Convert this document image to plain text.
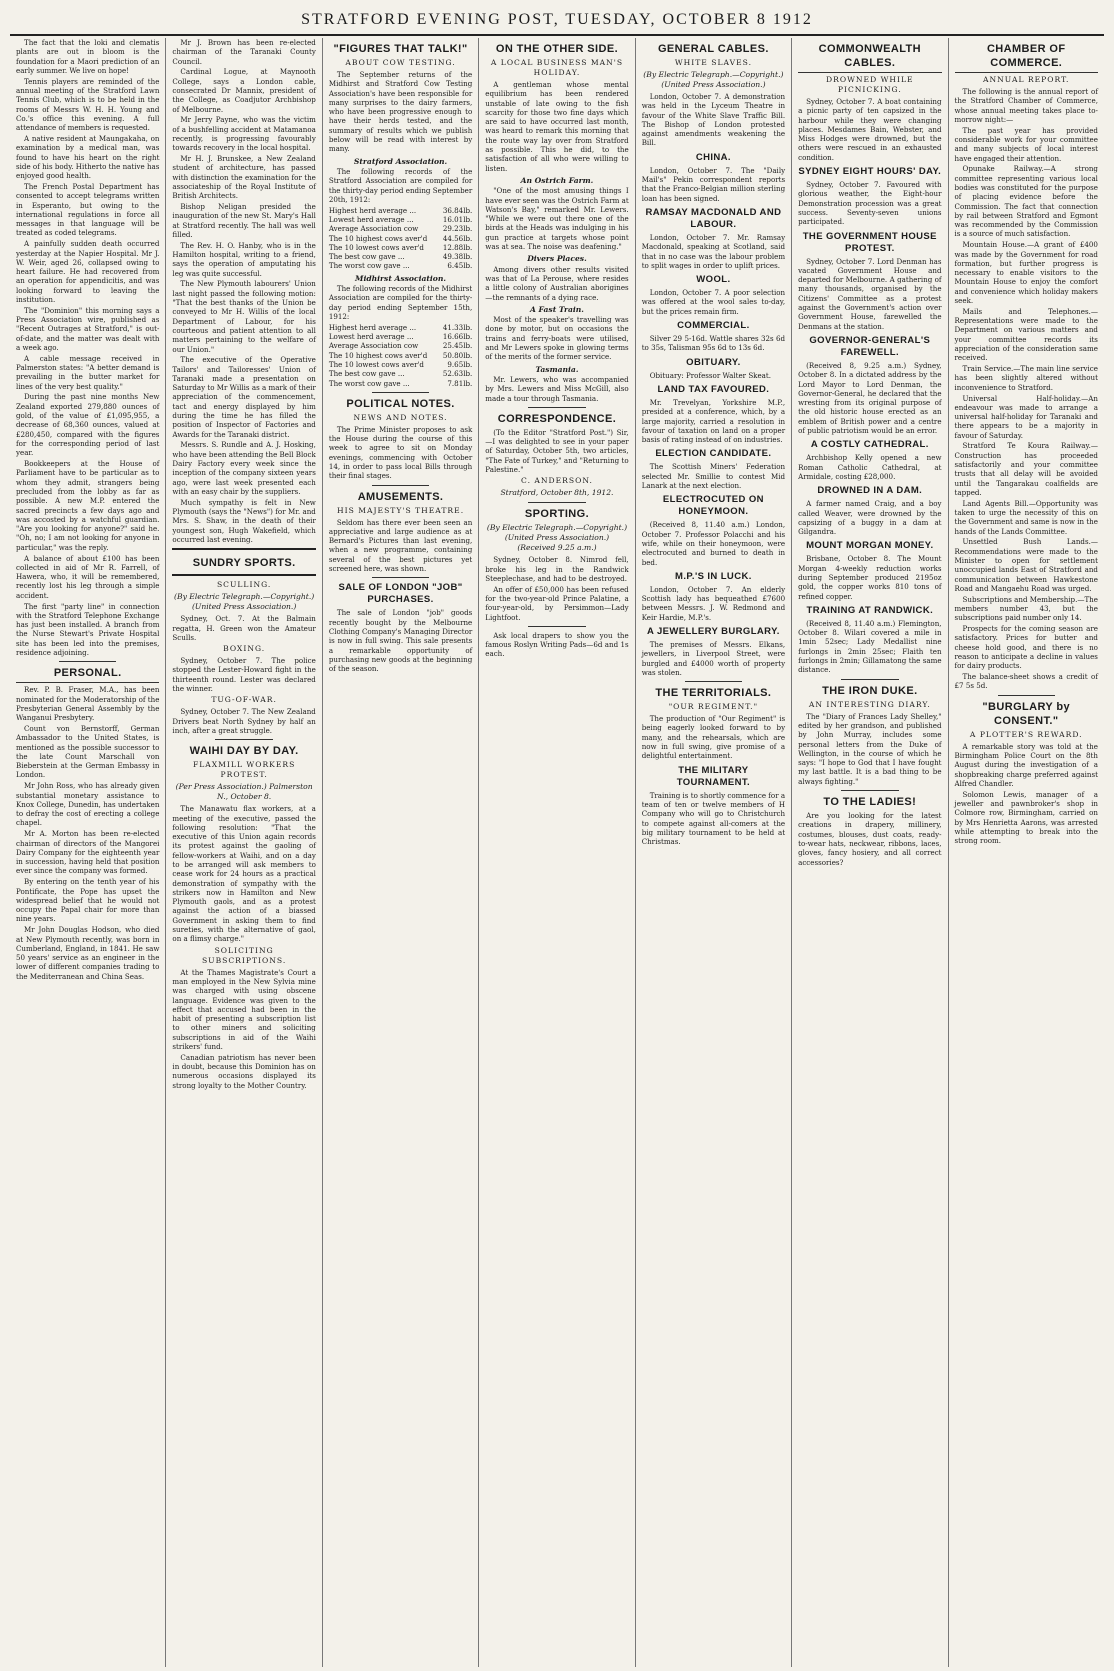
STRATFORD EVENING POST, TUESDAY, OCTOBER 8 1912

The fact that the loki and clematis plants are out in bloom is the foundation for a Maori prediction of an early summer. We live on hope!

Tennis players are reminded of the annual meeting of the Stratford Lawn Tennis Club, which is to be held in the rooms of Messrs W. H. H. Young and Co.'s office this evening. A full attendance of members is requested.

A native resident at Maungakaha, on examination by a medical man, was found to have his heart on the right side of his body. Hitherto the native has enjoyed good health.

The French Postal Department has consented to accept telegrams written in Esperanto, but owing to the international regulations in force all messages in that language will be treated as coded telegrams.

A painfully sudden death occurred yesterday at the Napier Hospital. Mr J. W. Weir, aged 26, collapsed owing to heart failure. He had recovered from an operation for appendicitis, and was looking forward to leaving the institution.

The "Dominion" this morning says a Press Association wire, published as "Recent Outrages at Stratford," is out-of-date, and the matter was dealt with a week ago.

A cable message received in Palmerston states: "A better demand is prevailing in the butter market for lines of the very best quality."

During the past nine months New Zealand exported 279,880 ounces of gold, of the value of £1,095,955, a decrease of 68,360 ounces, valued at £280,450, compared with the figures for the corresponding period of last year.

Bookkeepers at the House of Parliament have to be particular as to whom they admit, strangers being precluded from the lobby as far as possible. A new M.P. entered the sacred precincts a few days ago and was accosted by a watchful guardian. "Are you looking for anyone?" said he. "Oh, no; I am not looking for anyone in particular," was the reply.

A balance of about £100 has been collected in aid of Mr R. Farrell, of Hawera, who, it will be remembered, recently lost his leg through a simple accident.

The first "party line" in connection with the Stratford Telephone Exchange has just been installed. A branch from the Nurse Stewart's Private Hospital site has been led into the premises, residence adjoining.

PERSONAL.

Rev. P. B. Fraser, M.A., has been nominated for the Moderatorship of the Presbyterian General Assembly by the Wanganui Presbytery.

Count von Bernstorff, German Ambassador to the United States, is mentioned as the possible successor to the late Count Marschall von Bieberstein at the German Embassy in London.

Mr John Ross, who has already given substantial monetary assistance to Knox College, Dunedin, has undertaken to defray the cost of erecting a college chapel.

Mr A. Morton has been re-elected chairman of directors of the Mangorei Dairy Company for the eighteenth year in succession, having held that position ever since the company was formed.

By entering on the tenth year of his Pontificate, the Pope has upset the widespread belief that he would not occupy the Papal chair for more than nine years.

Mr John Douglas Hodson, who died at New Plymouth recently, was born in Cumberland, England, in 1841. He saw 50 years' service as an engineer in the lower of different companies trading to the Mediterranean and China Seas.

Mr J. Brown has been re-elected chairman of the Taranaki County Council.

Cardinal Logue, at Maynooth College, says a London cable, consecrated Dr Mannix, president of the College, as Coadjutor Archbishop of Melbourne.

Mr Jerry Payne, who was the victim of a bushfelling accident at Matamanoa recently, is progressing favourably towards recovery in the local hospital.

Mr H. J. Brunskee, a New Zealand student of architecture, has passed with distinction the examination for the associateship of the Royal Institute of British Architects.

Bishop Neligan presided the inauguration of the new St. Mary's Hall at Stratford recently. The hall was well filled.

The Rev. H. O. Hanby, who is in the Hamilton hospital, writing to a friend, says the operation of amputating his leg was quite successful.

The New Plymouth labourers' Union last night passed the following motion: "That the best thanks of the Union be conveyed to Mr H. Willis of the local Department of Labour, for his courteous and patient attention to all matters pertaining to the welfare of our Union."

The executive of the Operative Tailors' and Tailoresses' Union of Taranaki made a presentation on Saturday to Mr Willis as a mark of their appreciation of the commencement, tact and energy displayed by him during the time he has filled the position of Inspector of Factories and Awards for the Taranaki district.

Messrs. S. Rundle and A. J. Hosking, who have been attending the Bell Block Dairy Factory every week since the inception of the company sixteen years ago, were last week presented each with an easy chair by the suppliers.

Much sympathy is felt in New Plymouth (says the "News") for Mr. and Mrs. S. Shaw, in the death of their youngest son, Hugh Wakefield, which occurred last evening.

SUNDRY SPORTS.
SCULLING.
(By Electric Telegraph.—Copyright.) (United Press Association.)

Sydney, Oct. 7. At the Balmain regatta, H. Green won the Amateur Sculls.

BOXING.

Sydney, October 7. The police stopped the Lester-Howard fight in the thirteenth round. Lester was declared the winner.

TUG-OF-WAR.

Sydney, October 7. The New Zealand Drivers beat North Sydney by half an inch, after a great struggle.

WAIHI DAY BY DAY.
FLAXMILL WORKERS PROTEST.
(Per Press Association.) Palmerston N., October 8.

The Manawatu flax workers, at a meeting of the executive, passed the following resolution: "That the executive of this Union again records its protest against the gaoling of fellow-workers at Waihi, and on a day to be arranged will ask members to cease work for 24 hours as a practical demonstration of sympathy with the strikers now in Hamilton and New Plymouth gaols, and as a protest against the action of a biassed Government in asking them to find sureties, with the alternative of gaol, on a flimsy charge."

SOLICITING SUBSCRIPTIONS.

At the Thames Magistrate's Court a man employed in the New Sylvia mine was charged with using obscene language. Evidence was given to the effect that accused had been in the habit of presenting a subscription list to other miners and soliciting subscriptions in aid of the Waihi strikers' fund.

Canadian patriotism has never been in doubt, because this Dominion has on numerous occasions displayed its strong loyalty to the Mother Country.

"FIGURES THAT TALK!"
ABOUT COW TESTING.

The September returns of the Midhirst and Stratford Cow Testing Association's have been responsible for many surprises to the dairy farmers, who have been progressive enough to have their herds tested, and the summary of results which we publish below will be read with interest by many.

Stratford Association.

The following records of the Stratford Association are compiled for the thirty-day period ending September 20th, 1912:

Highest herd average ...	36.84lb.
Lowest herd average ...	16.01lb.
Average Association cow	29.23lb.
The 10 highest cows aver'd 44.56lb.
The 10 lowest cows aver'd	12.88lb.
The best cow gave ...	49.38lb.
The worst cow gave ...	6.45lb.
Midhirst Association.

The following records of the Midhirst Association are compiled for the thirty-day period ending September 15th, 1912:

Highest herd average ...	41.33lb.
Lowest herd average ...	16.66lb.
Average Association cow	25.45lb.
The 10 highest cows aver'd 50.80lb.
The 10 lowest cows aver'd	9.65lb.
The best cow gave ...	52.63lb.
The worst cow gave ...	7.81lb.
POLITICAL NOTES.
NEWS AND NOTES.

The Prime Minister proposes to ask the House during the course of this week to agree to sit on Monday evenings, commencing with October 14, in order to pass local Bills through their final stages.

AMUSEMENTS.
HIS MAJESTY'S THEATRE.

Seldom has there ever been seen an appreciative and large audience as at Bernard's Pictures than last evening, when a new programme, containing several of the best pictures yet screened here, was shown.

SALE OF LONDON "JOB" PURCHASES.

The sale of London "job" goods recently bought by the Melbourne Clothing Company's Managing Director is now in full swing. This sale presents a remarkable opportunity of purchasing new goods at the beginning of the season.

ON THE OTHER SIDE.
A LOCAL BUSINESS MAN'S HOLIDAY.

A gentleman whose mental equilibrium has been rendered unstable of late owing to the fish scarcity for those two fine days which are said to have occurred last month, was heard to remark this morning that the route way lay over from Stratford as possible. This he did, to the satisfaction of all who were willing to listen.

An Ostrich Farm.

"One of the most amusing things I have ever seen was the Ostrich Farm at Watson's Bay," remarked Mr. Lewers. "While we were out there one of the birds at the Heads was indulging in his gun practice at targets whose point was at sea. The noise was deafening."

Divers Places.

Among divers other results visited was that of La Perouse, where resides a little colony of Australian aborigines—the remnants of a dying race.

A Fast Train.

Most of the speaker's travelling was done by motor, but on occasions the trains and ferry-boats were utilised, and Mr Lewers spoke in glowing terms of the merits of the former service.

Tasmania.

Mr. Lewers, who was accompanied by Mrs. Lewers and Miss McGill, also made a tour through Tasmania.

CORRESPONDENCE.

(To the Editor "Stratford Post.") Sir,—I was delighted to see in your paper of Saturday, October 5th, two articles, "The Fate of Turkey," and "Returning to Palestine."

C. ANDERSON.
Stratford, October 8th, 1912.
SPORTING.
(By Electric Telegraph.—Copyright.) (United Press Association.) (Received 9.25 a.m.)

Sydney, October 8. Nimrod fell, broke his leg in the Randwick Steeplechase, and had to be destroyed.

An offer of £50,000 has been refused for the two-year-old Prince Palatine, a four-year-old, by Persimmon—Lady Lightfoot.

Ask local drapers to show you the famous Roslyn Writing Pads—6d and 1s each.

GENERAL CABLES.
WHITE SLAVES.
(By Electric Telegraph.—Copyright.) (United Press Association.)

London, October 7. A demonstration was held in the Lyceum Theatre in favour of the White Slave Traffic Bill. The Bishop of London protested against amendments weakening the Bill.

CHINA.

London, October 7. The "Daily Mail's" Pekin correspondent reports that the Franco-Belgian million sterling loan has been signed.

RAMSAY MACDONALD AND LABOUR.

London, October 7. Mr. Ramsay Macdonald, speaking at Scotland, said that in no case was the labour problem to split wages in order to uplift prices.

WOOL.

London, October 7. A poor selection was offered at the wool sales to-day, but the prices remain firm.

COMMERCIAL.

Silver 29 5-16d. Wattle shares 32s 6d to 35s, Talisman 95s 6d to 13s 6d.

OBITUARY.

Obituary: Professor Walter Skeat.

LAND TAX FAVOURED.

Mr. Trevelyan, Yorkshire M.P., presided at a conference, which, by a large majority, carried a resolution in favour of taxation on land on a proper basis of rating instead of on industries.

ELECTION CANDIDATE.

The Scottish Miners' Federation selected Mr. Smillie to contest Mid Lanark at the next election.

ELECTROCUTED ON HONEYMOON.

(Received 8, 11.40 a.m.) London, October 7. Professor Polacchi and his wife, while on their honeymoon, were electrocuted and burned to death in bed.

M.P.'S IN LUCK.

London, October 7. An elderly Scottish lady has bequeathed £7600 between Messrs. J. W. Redmond and Keir Hardie, M.P.'s.

A JEWELLERY BURGLARY.

The premises of Messrs. Elkans, jewellers, in Liverpool Street, were burgled and £4000 worth of property was stolen.

THE TERRITORIALS.
"OUR REGIMENT."

The production of "Our Regiment" is being eagerly looked forward to by many, and the rehearsals, which are now in full swing, give promise of a delightful entertainment.

THE MILITARY TOURNAMENT.

Training is to shortly commence for a team of ten or twelve members of H Company who will go to Christchurch to compete against all-comers at the big military tournament to be held at Christmas.

COMMONWEALTH CABLES.
DROWNED WHILE PICNICKING.

Sydney, October 7. A boat containing a picnic party of ten capsized in the harbour while they were changing places. Mesdames Bain, Webster, and Miss Hodges were drowned, but the others were rescued in an exhausted condition.

SYDNEY EIGHT HOURS' DAY.

Sydney, October 7. Favoured with glorious weather, the Eight-hour Demonstration procession was a great success. Seventy-seven unions participated.

THE GOVERNMENT HOUSE PROTEST.

Sydney, October 7. Lord Denman has vacated Government House and departed for Melbourne. A gathering of many thousands, organised by the Citizens' Committee as a protest against the Government's action over Government House, farewelled the Denmans at the station.

GOVERNOR-GENERAL'S FAREWELL.

(Received 8, 9.25 a.m.) Sydney, October 8. In a dictated address by the Lord Mayor to Lord Denman, the Governor-General, he declared that the wresting from its original purpose of the old historic house erected as an emblem of British power and a centre of public patriotism would be an error.

A COSTLY CATHEDRAL.

Archbishop Kelly opened a new Roman Catholic Cathedral, at Armidale, costing £28,000.

DROWNED IN A DAM.

A farmer named Craig, and a boy called Weaver, were drowned by the capsizing of a buggy in a dam at Gilgandra.

MOUNT MORGAN MONEY.

Brisbane, October 8. The Mount Morgan 4-weekly reduction works during September produced 2195oz gold, the copper works 810 tons of refined copper.

TRAINING AT RANDWICK.

(Received 8, 11.40 a.m.) Flemington, October 8. Wilari covered a mile in 1min 52sec; Lady Medallist nine furlongs in 2min 25sec; Flaith ten furlongs in 2min; Gillamatong the same distance.

THE IRON DUKE.
AN INTERESTING DIARY.

The "Diary of Frances Lady Shelley," edited by her grandson, and published by John Murray, includes some personal letters from the Duke of Wellington, in the course of which he says: "I hope to God that I have fought my last battle. It is a bad thing to be always fighting."

TO THE LADIES!

Are you looking for the latest creations in drapery, millinery, costumes, blouses, dust coats, ready-to-wear hats, neckwear, ribbons, laces, gloves, fancy hosiery, and all correct accessories?

CHAMBER OF COMMERCE.
ANNUAL REPORT.

The following is the annual report of the Stratford Chamber of Commerce, whose annual meeting takes place to-morrow night:—

The past year has provided considerable work for your committee and many subjects of local interest have engaged their attention.

Opunake Railway.—A strong committee representing various local bodies was constituted for the purpose of placing evidence before the Commission. The fact that connection by rail between Stratford and Egmont was recommended by the Commission is a source of much satisfaction.

Mountain House.—A grant of £400 was made by the Government for road formation, but further progress is necessary to enable visitors to the Mountain House to enjoy the comfort and convenience which holiday makers seek.

Mails and Telephones.—Representations were made to the Department on various matters and your committee records its appreciation of the consideration same received.

Train Service.—The main line service has been slightly altered without inconvenience to Stratford.

Universal Half-holiday.—An endeavour was made to arrange a universal half-holiday for Taranaki and there appears to be a majority in favour of Saturday.

Stratford Te Koura Railway.—Construction has proceeded satisfactorily and your committee trusts that all delay will be avoided until the Tangarakau coalfields are tapped.

Land Agents Bill.—Opportunity was taken to urge the necessity of this on the Government and same is now in the hands of the Lands Committee.

Unsettled Bush Lands.—Recommendations were made to the Minister to open for settlement unoccupied lands East of Stratford and communication between Hawkestone Road and Mangaehu Road was urged.

Subscriptions and Membership.—The members number 43, but the subscriptions paid number only 14.

Prospects for the coming season are satisfactory. Prices for butter and cheese hold good, and there is no reason to anticipate a decline in values for dairy products.

The balance-sheet shows a credit of £7 5s 5d.

"BURGLARY by CONSENT."
A PLOTTER'S REWARD.

A remarkable story was told at the Birmingham Police Court on the 8th August during the investigation of a shopbreaking charge preferred against Alfred Chandler.

Solomon Lewis, manager of a jeweller and pawnbroker's shop in Colmore row, Birmingham, carried on by Mrs Henrietta Aarons, was arrested while attempting to break into the strong room.
